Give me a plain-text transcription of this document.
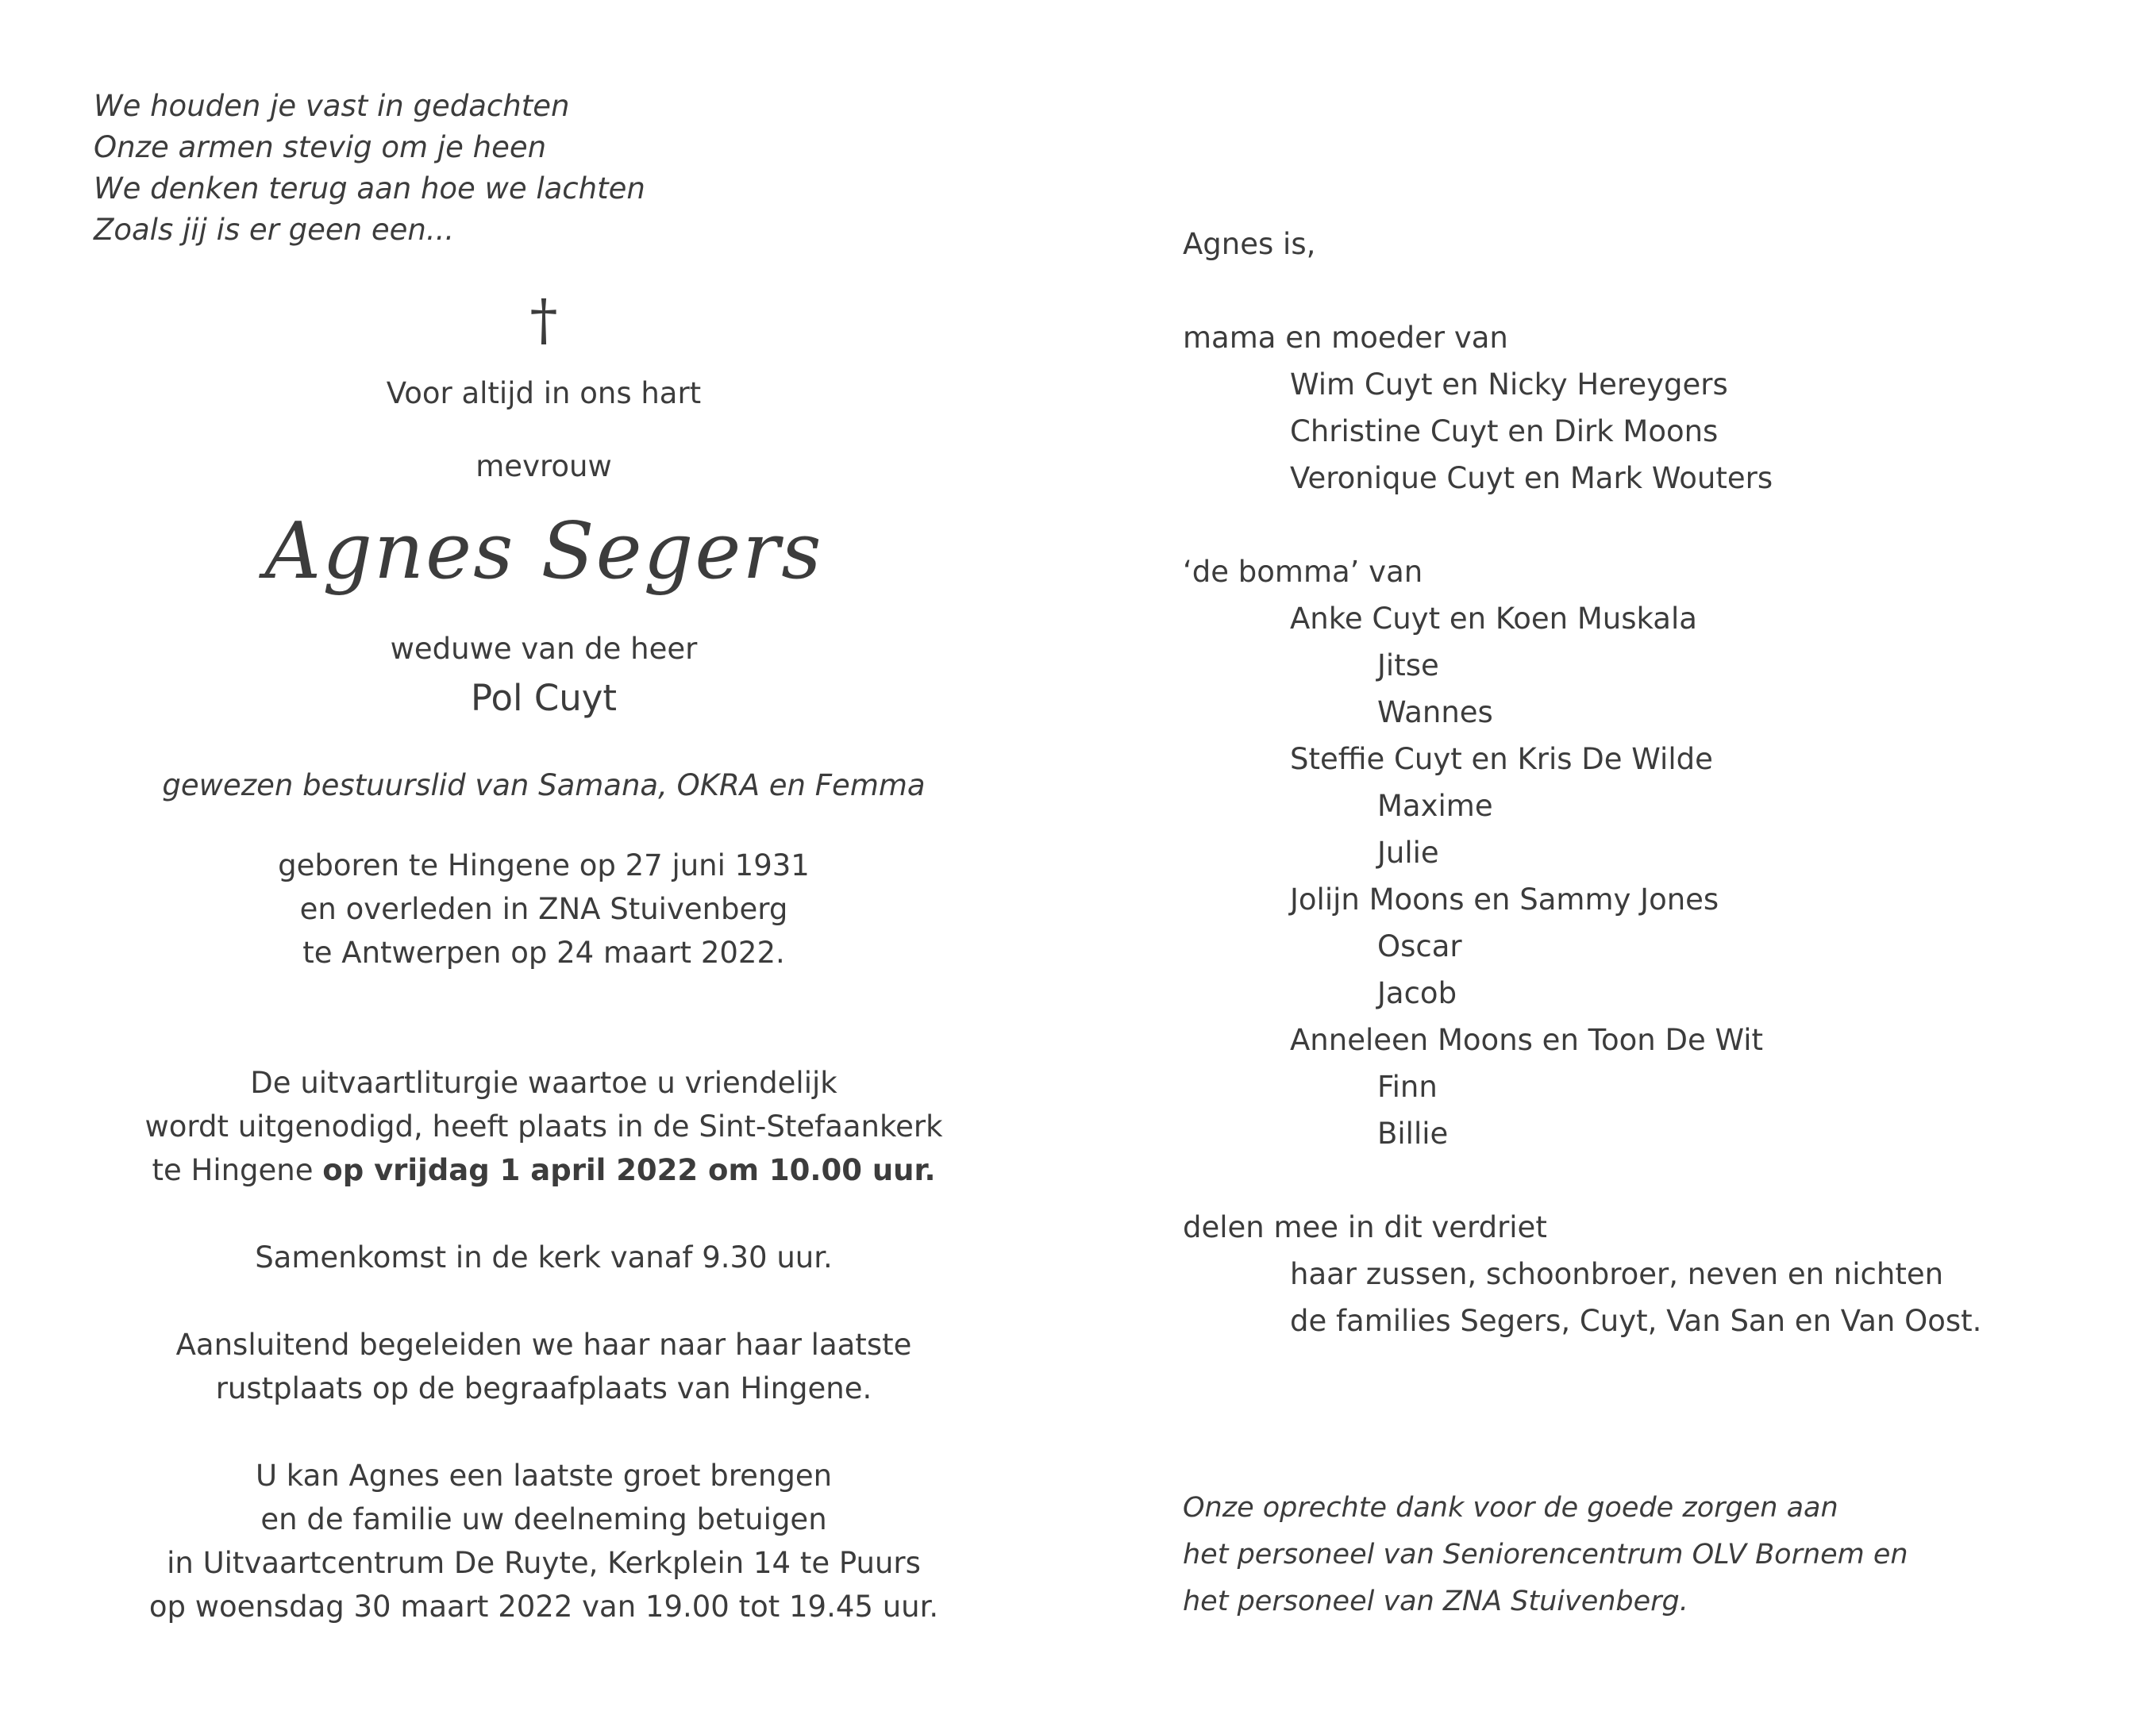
We houden je vast in gedachten
Onze armen stevig om je heen
We denken terug aan hoe we lachten
Zoals jij is er geen een...
†
Voor altijd in ons hart
mevrouw
Agnes Segers
weduwe van de heer
Pol Cuyt
gewezen bestuurslid van Samana, OKRA en Femma
geboren te Hingene op 27 juni 1931
en overleden in ZNA Stuivenberg
te Antwerpen op 24 maart 2022.
De uitvaartliturgie waartoe u vriendelijk
wordt uitgenodigd, heeft plaats in de Sint-Stefaankerk
te Hingene op vrijdag 1 april 2022 om 10.00 uur.
Samenkomst in de kerk vanaf 9.30 uur.
Aansluitend begeleiden we haar naar haar laatste
rustplaats op de begraafplaats van Hingene.
U kan Agnes een laatste groet brengen
en de familie uw deelneming betuigen
in Uitvaartcentrum De Ruyte, Kerkplein 14 te Puurs
op woensdag 30 maart 2022 van 19.00 tot 19.45 uur.
Agnes is,
mama en moeder van
Wim Cuyt en Nicky Hereygers
Christine Cuyt en Dirk Moons
Veronique Cuyt en Mark Wouters
‘de bomma’ van
Anke Cuyt en Koen Muskala
Jitse
Wannes
Steffie Cuyt en Kris De Wilde
Maxime
Julie
Jolijn Moons en Sammy Jones
Oscar
Jacob
Anneleen Moons en Toon De Wit
Finn
Billie
delen mee in dit verdriet
haar zussen, schoonbroer, neven en nichten
de families Segers, Cuyt, Van San en Van Oost.
Onze oprechte dank voor de goede zorgen aan
het personeel van Seniorencentrum OLV Bornem en
het personeel van ZNA Stuivenberg.
